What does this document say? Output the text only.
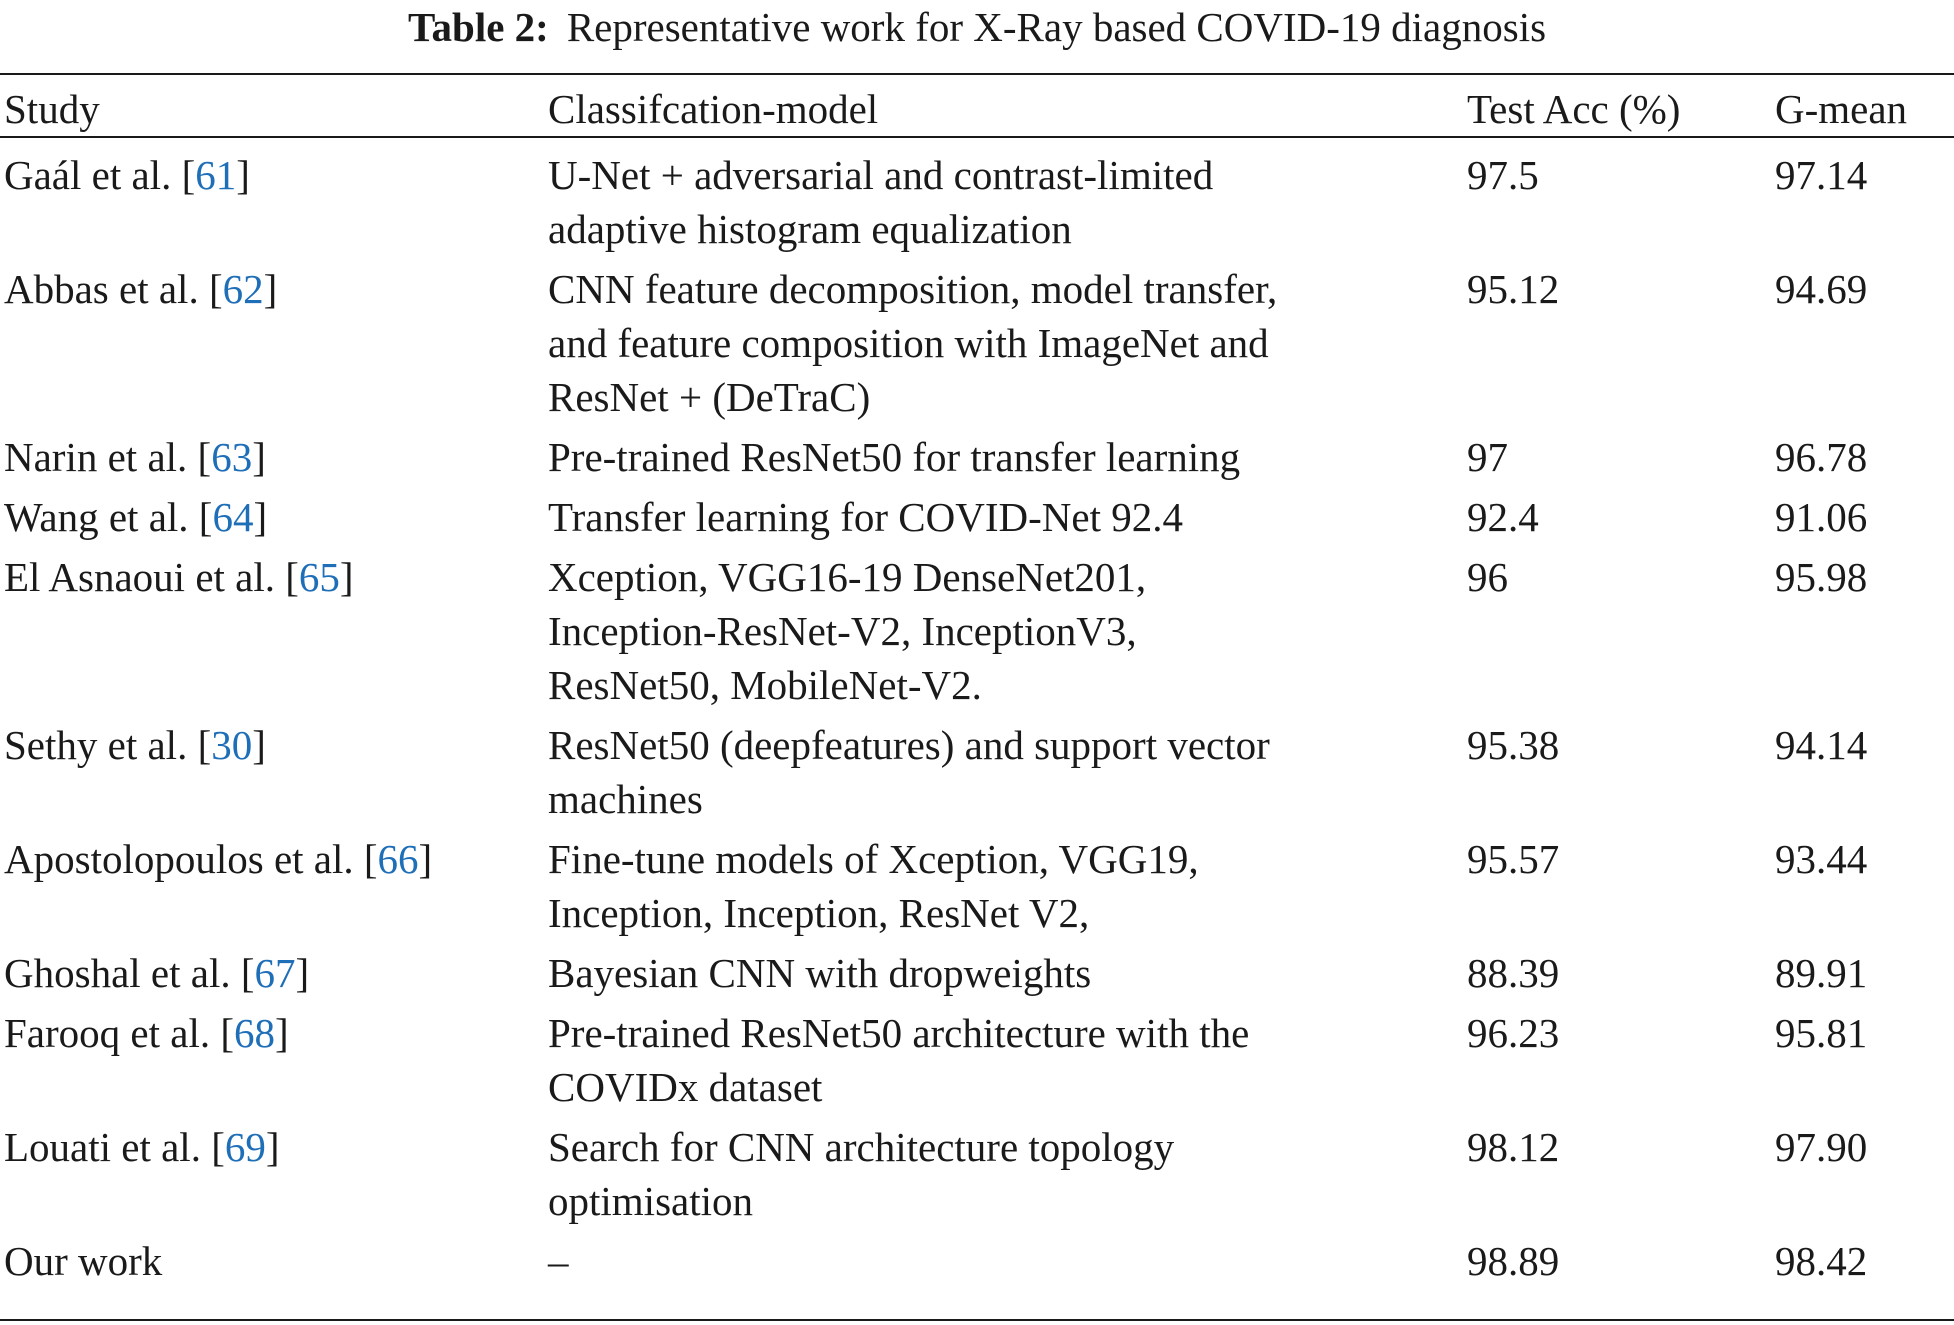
Table 2: Representative work for X-Ray based COVID-19 diagnosis
Study	Classifcation-model	Test Acc (%)	G-mean
Gaál et al. [61]	U-Net + adversarial and contrast-limited
adaptive histogram equalization	97.5	97.14
Abbas et al. [62]	CNN feature decomposition, model transfer,
and feature composition with ImageNet and
ResNet + (DeTraC)	95.12	94.69
Narin et al. [63]	Pre-trained ResNet50 for transfer learning	97	96.78
Wang et al. [64]	Transfer learning for COVID-Net 92.4	92.4	91.06
El Asnaoui et al. [65]	Xception, VGG16-19 DenseNet201,
Inception-ResNet-V2, InceptionV3,
ResNet50, MobileNet-V2.	96	95.98
Sethy et al. [30]	ResNet50 (deepfeatures) and support vector
machines	95.38	94.14
Apostolopoulos et al. [66]	Fine-tune models of Xception, VGG19,
Inception, Inception, ResNet V2,	95.57	93.44
Ghoshal et al. [67]	Bayesian CNN with dropweights	88.39	89.91
Farooq et al. [68]	Pre-trained ResNet50 architecture with the
COVIDx dataset	96.23	95.81
Louati et al. [69]	Search for CNN architecture topology
optimisation	98.12	97.90
Our work	–	98.89	98.42
